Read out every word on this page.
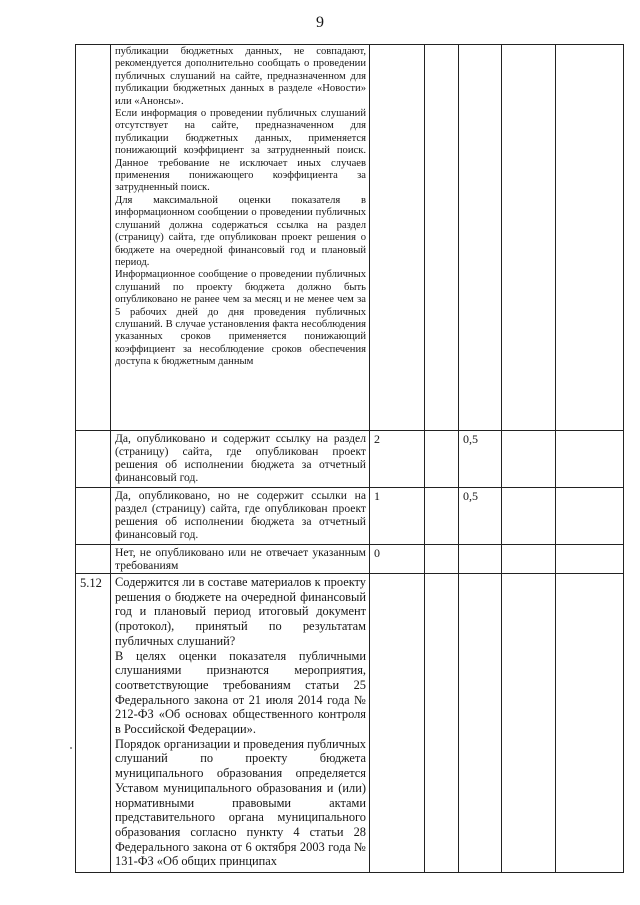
9

	публикации бюджетных данных, не совпадают, рекомендуется дополнительно сообщать о проведении публичных слушаний на сайте, предназначенном для публикации бюджетных данных в разделе «Новости» или «Анонсы».

Если информация о проведении публичных слушаний отсутствует на сайте, предназначенном для публикации бюджетных данных, применяется понижающий коэффициент за затрудненный поиск. Данное требование не исключает иных случаев применения понижающего коэффициента за затрудненный поиск.

Для максимальной оценки показателя в информационном сообщении о проведении публичных слушаний должна содержаться ссылка на раздел (страницу) сайта, где опубликован проект решения о бюджете на очередной финансовый год и плановый период.

Информационное сообщение о проведении публичных слушаний по проекту бюджета должно быть опубликовано не ранее чем за месяц и не менее чем за 5 рабочих дней до дня проведения публичных слушаний. В случае установления факта несоблюдения указанных сроков применяется понижающий коэффициент за несоблюдение сроков обеспечения доступа к бюджетным данным					

	Да, опубликовано и содержит ссылку на раздел (страницу) сайта, где опубликован проект решения об исполнении бюджета за отчетный финансовый год.	2		0,5		

	Да, опубликовано, но не содержит ссылки на раздел (страницу) сайта, где опубликован проект решения об исполнении бюджета за отчетный финансовый год.	1		0,5		

	Нет, не опубликовано или не отвечает указанным требованиям	0				
5.12	Содержится ли в составе материалов к проекту решения о бюджете на очередной финансовый год и плановый период итоговый документ (протокол), принятый по результатам публичных слушаний?

В целях оценки показателя публичными слушаниями признаются мероприятия, соответствующие требованиям статьи 25 Федерального закона от 21 июля 2014 года № 212-ФЗ «Об основах общественного контроля в Российской Федерации».

Порядок организации и проведения публичных слушаний по проекту бюджета муниципального образования определяется Уставом муниципального образования и (или) нормативными правовыми актами представительного органа муниципального образования согласно пункту 4 статьи 28 Федерального закона от 6 октября 2003 года № 131-ФЗ «Об общих принципах					
